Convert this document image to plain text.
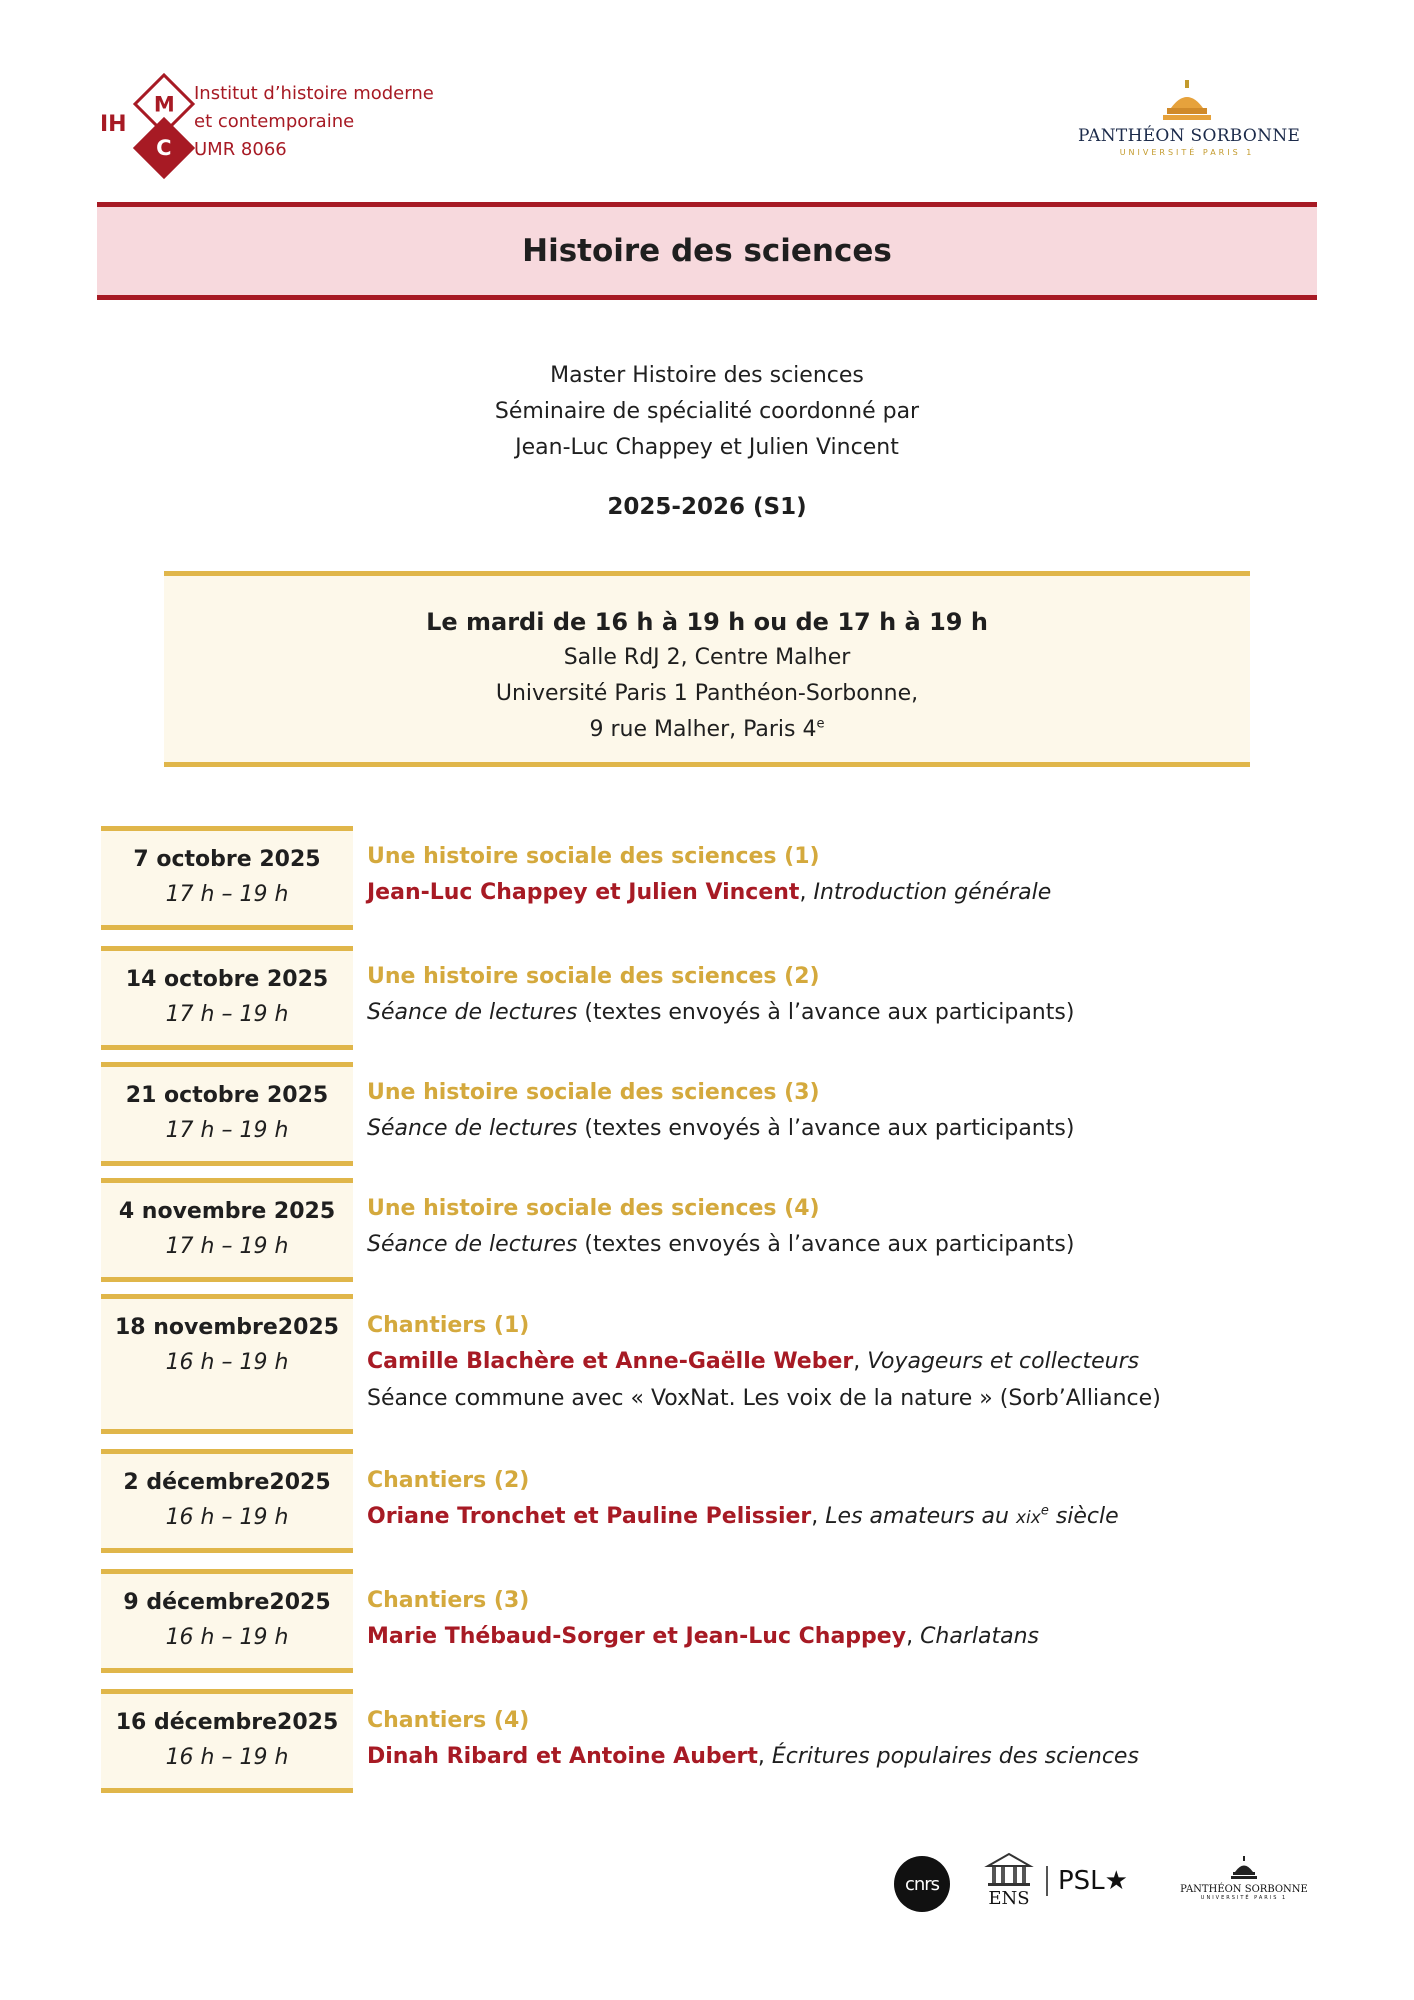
IH
M
C
Institut d’histoire moderne
et contemporaine
UMR 8066
PANTHÉON SORBONNE
UNIVERSITÉ PARIS 1
Histoire des sciences
Master Histoire des sciences
Séminaire de spécialité coordonné par
Jean-Luc Chappey et Julien Vincent
2025-2026 (S1)
Le mardi de 16 h à 19 h ou de 17 h à 19 h
Salle RdJ 2, Centre Malher
Université Paris 1 Panthéon-Sorbonne,
9 rue Malher, Paris 4e
7 octobre 2025
17 h – 19 h
Une histoire sociale des sciences (1)
Jean-Luc Chappey et Julien Vincent, Introduction générale
14 octobre 2025
17 h – 19 h
Une histoire sociale des sciences (2)
Séance de lectures (textes envoyés à l’avance aux participants)
21 octobre 2025
17 h – 19 h
Une histoire sociale des sciences (3)
Séance de lectures (textes envoyés à l’avance aux participants)
4 novembre 2025
17 h – 19 h
Une histoire sociale des sciences (4)
Séance de lectures (textes envoyés à l’avance aux participants)
18 novembre2025
16 h – 19 h
Chantiers (1)
Camille Blachère et Anne-Gaëlle Weber, Voyageurs et collecteurs
Séance commune avec « VoxNat. Les voix de la nature » (Sorb’Alliance)
2 décembre2025
16 h – 19 h
Chantiers (2)
Oriane Tronchet et Pauline Pelissier, Les amateurs au xix$^e$ siècle
9 décembre2025
16 h – 19 h
Chantiers (3)
Marie Thébaud-Sorger et Jean-Luc Chappey, Charlatans
16 décembre2025
16 h – 19 h
Chantiers (4)
Dinah Ribard et Antoine Aubert, Écritures populaires des sciences
cnrs
ENS
PSL★	PANTHÉON SORBONNE
UNIVERSITÉ PARIS 1
